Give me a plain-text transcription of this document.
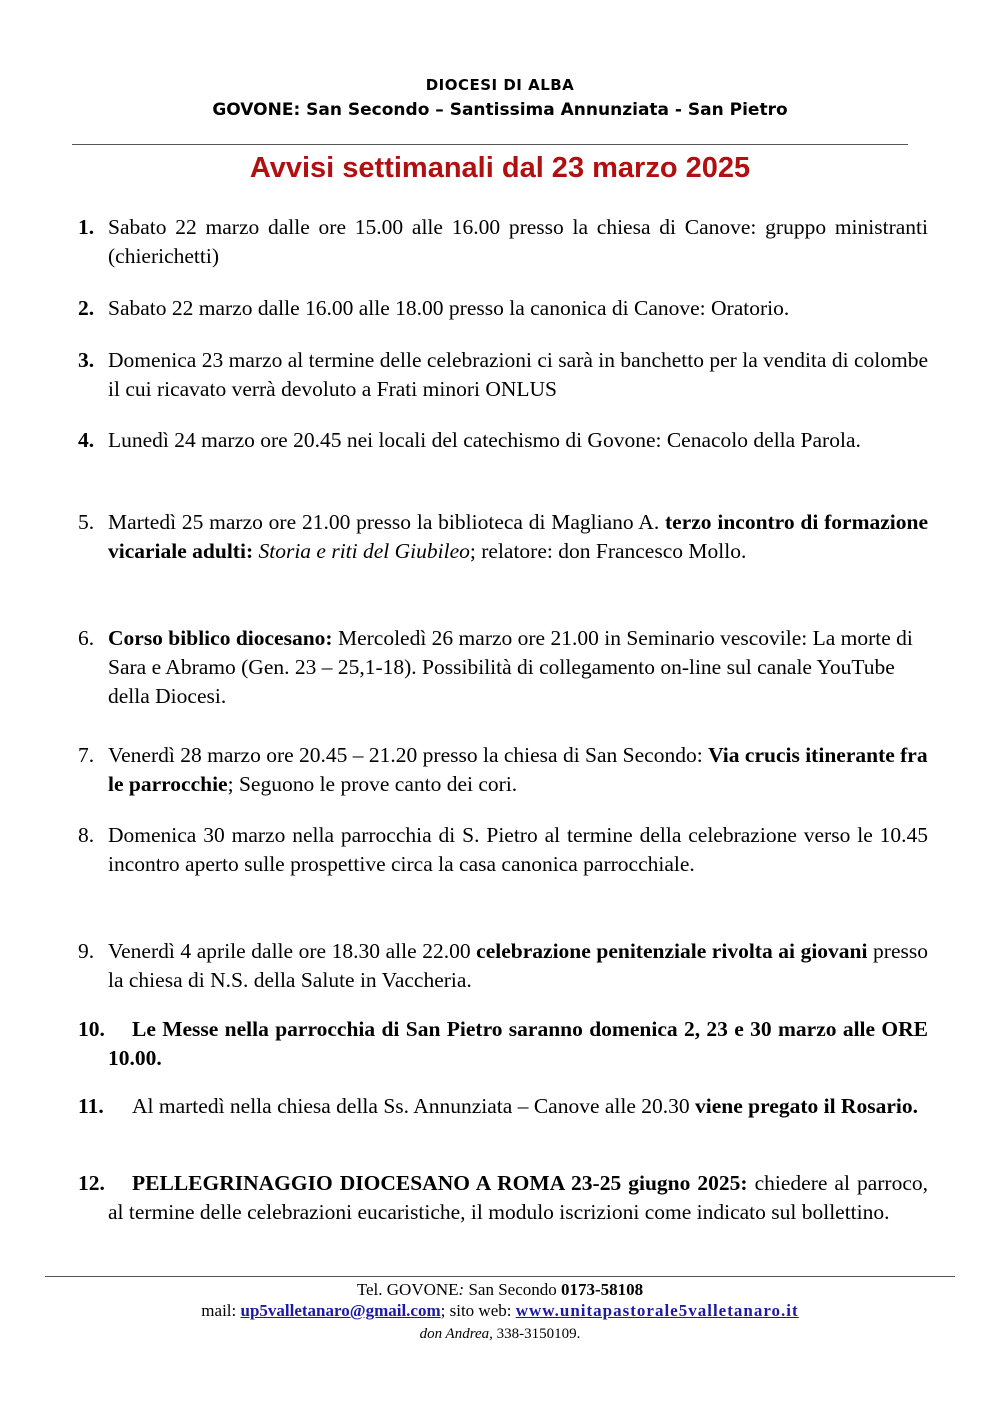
DIOCESI DI ALBA
GOVONE: San Secondo – Santissima Annunziata - San Pietro
Avvisi settimanali dal 23 marzo 2025
1. Sabato 22 marzo dalle ore 15.00 alle 16.00 presso la chiesa di Canove: gruppo ministranti (chierichetti)
2. Sabato 22 marzo dalle 16.00 alle 18.00 presso la canonica di Canove: Oratorio.
3. Domenica 23 marzo al termine delle celebrazioni ci sarà in banchetto per la vendita di colombe il cui ricavato verrà devoluto a Frati minori ONLUS
4. Lunedì 24 marzo ore 20.45 nei locali del catechismo di Govone: Cenacolo della Parola.
5. Martedì 25 marzo ore 21.00 presso la biblioteca di Magliano A. terzo incontro di formazione vicariale adulti: Storia e riti del Giubileo; relatore: don Francesco Mollo.
6. Corso biblico diocesano: Mercoledì 26 marzo ore 21.00 in Seminario vescovile: La morte di Sara e Abramo (Gen. 23 – 25,1-18). Possibilità di collegamento on-line sul canale YouTube della Diocesi.
7. Venerdì 28 marzo ore 20.45 – 21.20 presso la chiesa di San Secondo: Via crucis itinerante fra le parrocchie; Seguono le prove canto dei cori.
8. Domenica 30 marzo nella parrocchia di S. Pietro al termine della celebrazione verso le 10.45 incontro aperto sulle prospettive circa la casa canonica parrocchiale.
9. Venerdì 4 aprile dalle ore 18.30 alle 22.00 celebrazione penitenziale rivolta ai giovani presso la chiesa di N.S. della Salute in Vaccheria.
10.	Le Messe nella parrocchia di San Pietro saranno domenica 2, 23 e 30 marzo alle ORE 10.00.
11.	Al martedì nella chiesa della Ss. Annunziata – Canove alle 20.30 viene pregato il Rosario.
12.	PELLEGRINAGGIO DIOCESANO A ROMA 23-25 giugno 2025: chiedere al parroco, al termine delle celebrazioni eucaristiche, il modulo iscrizioni come indicato sul bollettino.
Tel. GOVONE: San Secondo 0173-58108
mail: up5valletanaro@gmail.com; sito web: www.unitapastorale5valletanaro.it
don Andrea, 338-3150109.
